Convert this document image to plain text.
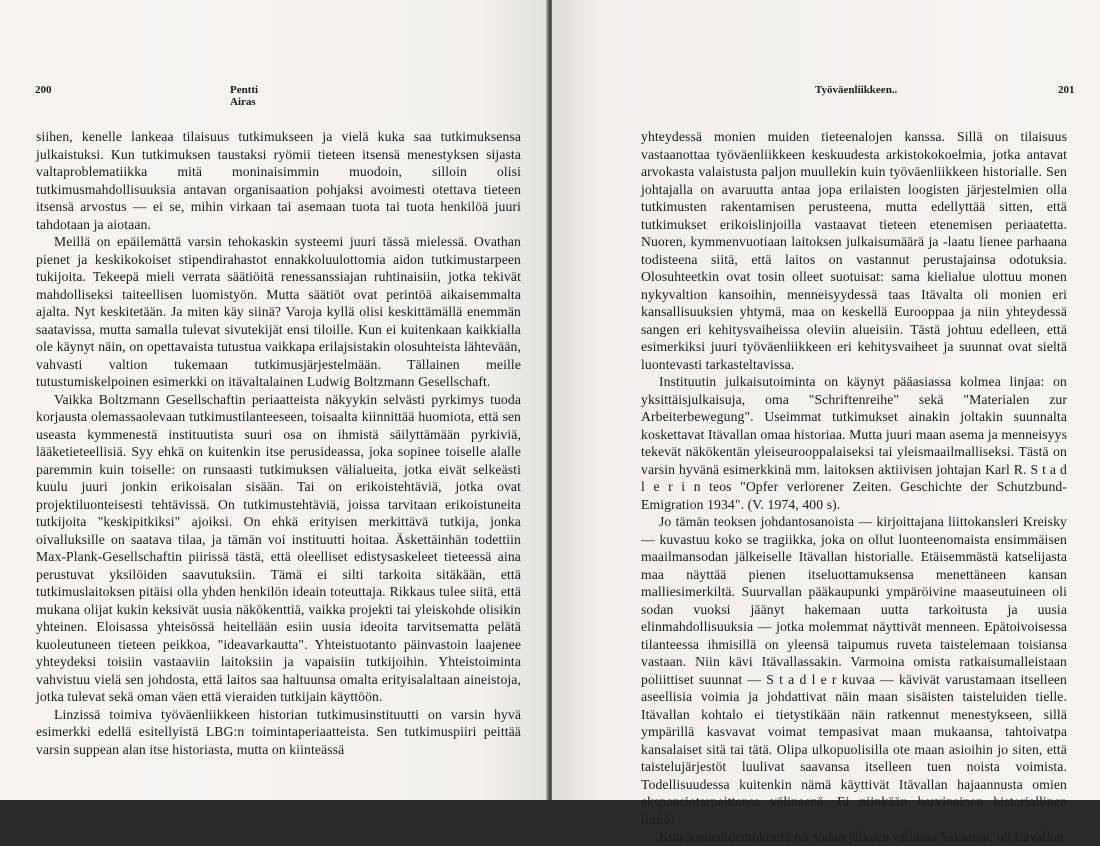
200	Pentti Airas

siihen, kenelle lankeaa tilaisuus tutkimukseen ja vielä kuka saa tutkimuksensa julkaistuksi. Kun tutkimuksen taustaksi ryömii tieteen itsensä menestyksen sijasta valtaproblematiikka mitä moninaisimmin muodoin, silloin olisi tutkimusmahdollisuuksia antavan organisaation pohjaksi avoimesti otettava tieteen itsensä arvostus — ei se, mihin virkaan tai asemaan tuota tai tuota henkilöä juuri tahdotaan ja aiotaan.

Meillä on epäilemättä varsin tehokaskin systeemi juuri tässä mielessä. Ovathan pienet ja keskikokoiset stipendirahastot ennakkoluulottomia aidon tutkimustarpeen tukijoita. Tekeepä mieli verrata säätiöitä renessanssiajan ruhtinaisiin, jotka tekivät mahdolliseksi taiteellisen luomistyön. Mutta säätiöt ovat perintöä aikaisemmalta ajalta. Nyt keskitetään. Ja miten käy siinä? Varoja kyllä olisi keskittämällä enemmän saatavissa, mutta samalla tulevat sivutekijät ensi tiloille. Kun ei kuitenkaan kaikkialla ole käynyt näin, on opettavaista tutustua vaikkapa erilajsistakin olosuhteista lähtevään, vahvasti valtion tukemaan tutkimusjärjestelmään. Tällainen meille tutustumiskelpoinen esimerkki on itävaltalainen Ludwig Boltzmann Gesellschaft.

Vaikka Boltzmann Gesellschaftin periaatteista näkyykin selvästi pyrkimys tuoda korjausta olemassaolevaan tutkimustilanteeseen, toisaalta kiinnittää huomiota, että sen useasta kymmenestä instituutista suuri osa on ihmistä säilyttämään pyrkiviä, lääketieteellisiä. Syy ehkä on kuitenkin itse perusideassa, joka sopinee toiselle alalle paremmin kuin toiselle: on runsaasti tutkimuksen välialueita, jotka eivät selkeästi kuulu juuri jonkin erikoisalan sisään. Tai on erikoistehtäviä, jotka ovat projektiluonteisesti tehtävissä. On tutkimustehtäviä, joissa tarvitaan erikoistuneita tutkijoita "keskipitkiksi" ajoiksi. On ehkä erityisen merkittävä tutkija, jonka oivalluksille on saatava tilaa, ja tämän voi instituutti hoitaa. Äskettäinhän todettiin Max-Plank-Gesellschaftin piirissä tästä, että oleelliset edistysaskeleet tieteessä aina perustuvat yksilöiden saavutuksiin. Tämä ei silti tarkoita sitäkään, että tutkimuslaitoksen pitäisi olla yhden henkilön ideain toteuttaja. Rikkaus tulee siitä, että mukana olijat kukin keksivät uusia näkökenttiä, vaikka projekti tai yleiskohde olisikin yhteinen. Eloisassa yhteisössä heitellään esiin uusia ideoita tarvitsematta pelätä kuoleutuneen tieteen peikkoa, "ideavarkautta". Yhteistuotanto päinvastoin laajenee yhteydeksi toisiin vastaaviin laitoksiin ja vapaisiin tutkijoihin. Yhteistoiminta vahvistuu vielä sen johdosta, että laitos saa haltuunsa omalta erityisalaltaan aineistoja, jotka tulevat sekä oman väen että vieraiden tutkijain käyttöön.

Linzissä toimiva työväenliikkeen historian tutkimusinstituutti on varsin hyvä esimerkki edellä esitellyistä LBG:n toimintaperiaatteista. Sen tutkimuspiiri peittää varsin suppean alan itse historiasta, mutta on kiinteässä

Työväenliikkeen..	201

yhteydessä monien muiden tieteenalojen kanssa. Sillä on tilaisuus vastaanottaa työväenliikkeen keskuudesta arkistokokoelmia, jotka antavat arvokasta valaistusta paljon muullekin kuin työväenliikkeen historialle. Sen johtajalla on avaruutta antaa jopa erilaisten loogisten järjestelmien olla tutkimusten rakentamisen perusteena, mutta edellyttää sitten, että tutkimukset erikoislinjoilla vastaavat tieteen etenemisen periaatetta. Nuoren, kymmenvuotiaan laitoksen julkaisumäärä ja -laatu lienee parhaana todisteena siitä, että laitos on vastannut perustajainsa odotuksia. Olosuhteetkin ovat tosin olleet suotuisat: sama kielialue ulottuu monen nykyvaltion kansoihin, menneisyydessä taas Itävalta oli monien eri kansallisuuksien yhtymä, maa on keskellä Eurooppaa ja niin yhteydessä sangen eri kehitysvaiheissa oleviin alueisiin. Tästä johtuu edelleen, että esimerkiksi juuri työväenliikkeen eri kehitysvaiheet ja suunnat ovat sieltä luontevasti tarkasteltavissa.

Instituutin julkaisutoiminta on käynyt pääasiassa kolmea linjaa: on yksittäisjulkaisuja, oma "Schriftenreihe" sekä "Materialen zur Arbeiterbewegung". Useimmat tutkimukset ainakin joltakin suunnalta koskettavat Itävallan omaa historiaa. Mutta juuri maan asema ja menneisyys tekevät näkökentän yleiseurooppalaiseksi tai yleismaailmalliseksi. Tästä on varsin hyvänä esimerkkinä mm. laitoksen aktiivisen johtajan Karl R. S t a d l e r i n teos "Opfer verlorener Zeiten. Geschichte der Schutzbund-Emigration 1934". (V. 1974, 400 s).

Jo tämän teoksen johdantosanoista — kirjoittajana liittokansleri Kreisky — kuvastuu koko se tragiikka, joka on ollut luonteenomaista ensimmäisen maailmansodan jälkeiselle Itävallan historialle. Etäisemmästä katselijasta maa näyttää pienen itseluottamuksensa menettäneen kansan malliesimerkiltä. Suurvallan pääkaupunki ympäröivine maaseutuineen oli sodan vuoksi jäänyt hakemaan uutta tarkoitusta ja uusia elinmahdollisuuksia — jotka molemmat näyttivät menneen. Epätoivoisessa tilanteessa ihmisillä on yleensä taipumus ruveta taistelemaan toisiansa vastaan. Niin kävi Itävallassakin. Varmoina omista ratkaisumalleistaan poliittiset suunnat — S t a d l e r kuvaa — kävivät varustamaan itselleen aseellisia voimia ja johdattivat näin maan sisäisten taisteluiden tielle. Itävallan kohtalo ei tietystikään näin ratkennut menestykseen, sillä ympärillä kasvavat voimat tempasivat maan mukaansa, tahtoivatpa kansalaiset sitä tai tätä. Olipa ulkopuolisilla ote maan asioihin jo siten, että taistelujärjestöt luulivat saavansa itselleen tuen noista voimista. Todellisuudessa kuitenkin nämä käyttivät Itävallan hajaannusta omien ekspansiotarpeittensa välineenä. Ei niinkään harvinainen historiallinen ilmiö!

Kun sosiaalidemokratia oli sodan jälkeen vallassa Saksassa, oli Itävallan
